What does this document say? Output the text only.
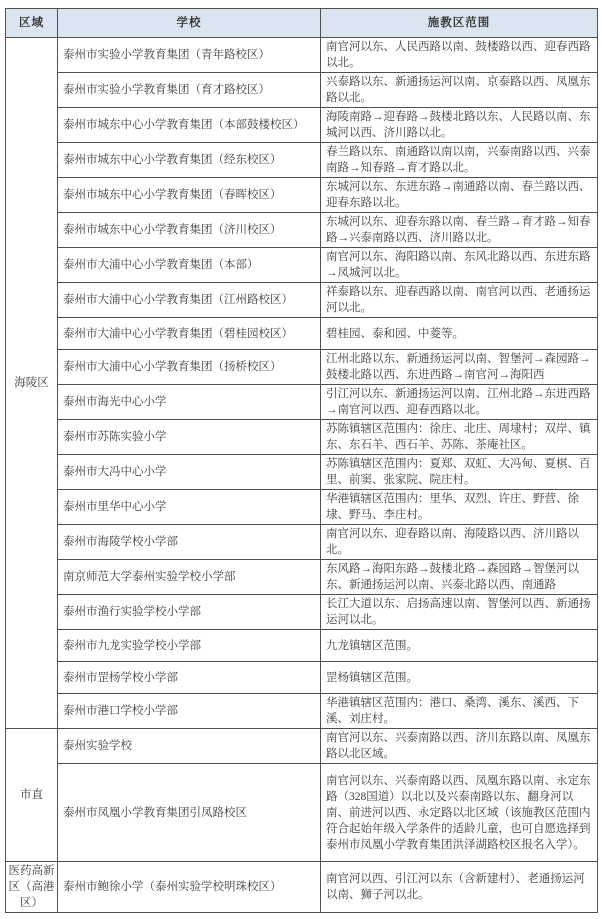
区域	学校	施教区范围
海陵区	泰州市实验小学教育集团（青年路校区）	南官河以东、人民西路以南、鼓楼路以西、迎春西路以北。
	泰州市实验小学教育集团（育才路校区）	兴泰路以东、新通扬运河以南、京泰路以西、凤凰东路以北。
	泰州市城东中心小学教育集团（本部鼓楼校区）	海陵南路→迎春路→鼓楼北路以东、人民路以南、东城河以西、济川路以北。
	泰州市城东中心小学教育集团（经东校区）	春兰路以东、南通路以南以南，兴泰南路以西、兴泰南路→知春路→育才路以北。
	泰州市城东中心小学教育集团（春晖校区）	东城河以东、东进东路→南通路以南、春兰路以西、迎春东路以北。
	泰州市城东中心小学教育集团（济川校区）	东城河以东、迎春东路以南、春兰路→育才路→知春路→兴泰南路以西、济川路以北。
	泰州市大浦中心小学教育集团（本部）	南官河以东、海阳路以南、东风北路以西、东进东路→凤城河以北。
	泰州市大浦中心小学教育集团（江州路校区）	祥泰路以东、迎春西路以南、南官河以西、老通扬运河以北。
	泰州市大浦中心小学教育集团（碧桂园校区）	碧桂园、泰和园、中菱等。
	泰州市大浦中心小学教育集团（扬桥校区）	江州北路以东、新通扬运河以南、智堡河→森园路→鼓楼北路以西、东进西路→南官河→海阳西
	泰州市海光中心小学	引江河以东、新通扬运河以南、江州北路→东进西路→南官河以西、迎春西路以北。
	泰州市苏陈实验小学	苏陈镇辖区范围内：徐庄、北庄、周埭村；双岸、镇东、东石羊、西石羊、苏陈、茶庵社区。
	泰州市大冯中心小学	苏陈镇辖区范围内：夏郑、双虹、大冯甸、夏棋、百里、前窦、张家院、院庄村。
	泰州市里华中心小学	华港镇辖区范围内：里华、双烈、许庄、野营、徐埭、野马、李庄村。
	泰州市海陵学校小学部	南官河以东、迎春路以南、海陵路以西、济川路以北。
	南京师范大学泰州实验学校小学部	东风路→海阳东路→鼓楼北路→森园路→智堡河以东、新通扬运河以南、兴泰北路以西、南通路
	泰州市渔行实验学校小学部	长江大道以东、启扬高速以南、智堡河以西、新通扬运河以北。
	泰州市九龙实验学校小学部	九龙镇辖区范围。
	泰州市罡杨学校小学部	罡杨镇辖区范围。
	泰州市港口学校小学部	华港镇辖区范围内：港口、桑湾、溪东、溪西、下溪、刘庄村。
市直	泰州实验学校	南官河以东、兴泰南路以西、济川东路以南、凤凰东路以北区域。
	泰州市凤凰小学教育集团引凤路校区	南官河以东、兴泰南路以西、凤凰东路以南、永定东路（328国道）以北以及兴泰南路以东、翻身河以南、前进河以西、永定路以北区域（该施教区范围内符合起始年级入学条件的适龄儿童，也可自愿选择到泰州市凤凰小学教育集团洪泽湖路校区报名入学）。
医药高新区（高港区）	泰州市鲍徐小学（泰州实验学校明珠校区）	南官河以西、引江河以东（含新建村）、老通扬运河以南、狮子河以北。
